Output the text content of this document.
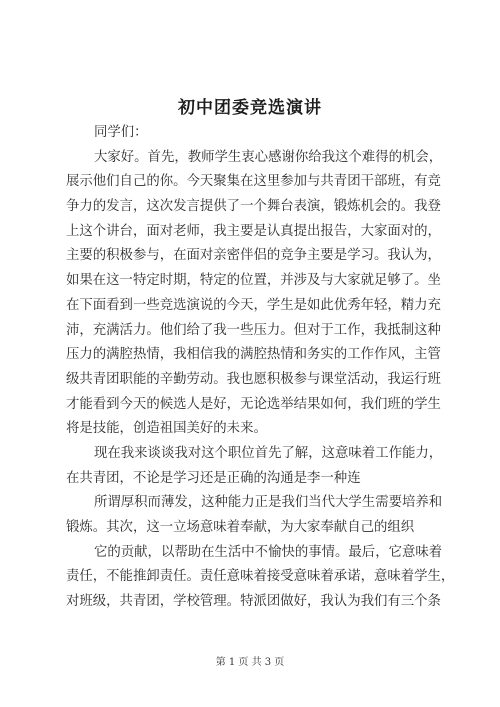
初中团委竞选演讲
同学们：
大家好。首先，教师学生衷心感谢你给我这个难得的机会，
展示他们自己的你。今天聚集在这里参加与共青团干部班，有竞
争力的发言，这次发言提供了一个舞台表演，锻炼机会的。我登
上这个讲台，面对老师，我主要是认真提出报告，大家面对的，
主要的积极参与，在面对亲密伴侣的竞争主要是学习。我认为，
如果在这一特定时期，特定的位置，并涉及与大家就足够了。坐
在下面看到一些竞选演说的今天，学生是如此优秀年轻，精力充
沛，充满活力。他们给了我一些压力。但对于工作，我抵制这种
压力的满腔热情，我相信我的满腔热情和务实的工作作风，主管
级共青团职能的辛勤劳动。我也愿积极参与课堂活动，我运行班
才能看到今天的候选人是好，无论选举结果如何，我们班的学生
将是技能，创造祖国美好的未来。
现在我来谈谈我对这个职位首先了解，这意味着工作能力，
在共青团，不论是学习还是正确的沟通是李一种连
所谓厚积而薄发，这种能力正是我们当代大学生需要培养和
锻炼。其次，这一立场意味着奉献，为大家奉献自己的组织
它的贡献，以帮助在生活中不愉快的事情。最后，它意味着
责任，不能推卸责任。责任意味着接受意味着承诺，意味着学生，
对班级，共青团，学校管理。特派团做好，我认为我们有三个条
第 1 页 共 3 页
